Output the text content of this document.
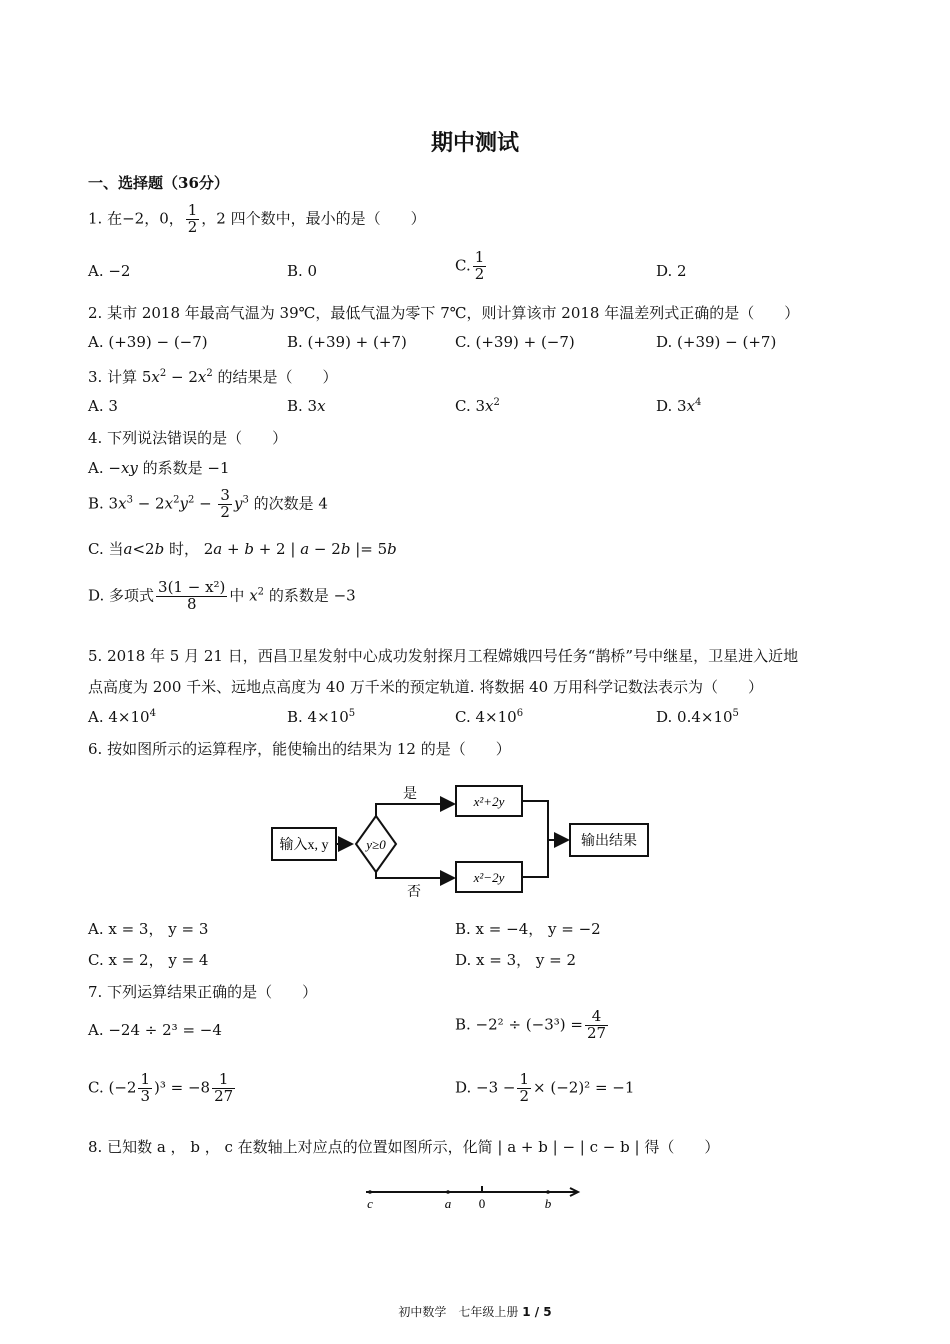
期中测试
一、选择题（36分）
1. 在−2，0， $\frac{1}{2}$ ，2 四个数中，最小的是（　　）
A. −2	B. 0	C. $\frac{1}{2}$	D. 2
2. 某市 2018 年最高气温为 39℃，最低气温为零下 7℃，则计算该市 2018 年温差列式正确的是（　　）
A. (+39) − (−7)	B. (+39) + (+7)	C. (+39) + (−7)	D. (+39) − (+7)
3. 计算 $5x^2 - 2x^2$ 的结果是（　　）
A. 3	B. 3x	C. $3x^2$	D. $3x^4$
4. 下列说法错误的是（　　）
A. −xy 的系数是 −1
B. $3x^3 - 2x^2y^2 - \frac{3}{2} y^3$ 的次数是 4
C. 当a<2b 时， 2a + b + 2 | a − 2b |= 5b
D. 多项式 $\frac{\text{3(1 − x²)}}{8}$ 中 $x^2$ 的系数是 −3
5. 2018 年 5 月 21 日，西昌卫星发射中心成功发射探月工程嫦娥四号任务“鹊桥”号中继星，卫星进入近地
点高度为 200 千米、远地点高度为 40 万千米的预定轨道. 将数据 40 万用科学记数法表示为（　　）
A. $4\times 10^4$	B. $4\times 10^5$	C. $4\times 10^6$	D. $0.4\times 10^5$
6. 按如图所示的运算程序，能使输出的结果为 12 的是（　　）
输入x, y	y≥0
是
否
x²+2y
x²−2y
输出结果
A. x = 3， y = 3	B. x = −4， y = −2
C. x = 2， y = 4	D. x = 3， y = 2
7. 下列运算结果正确的是（　　）
A. −24 ÷ 2³ = −4	B. $-2^2 \div (-3^3) = \frac{4}{27}$
C. $(-2 \frac{1}{3} )^3 = -8 \frac{1}{27}$	D. $-3 - \frac{1}{2} \times (-2)^2 = -1$
8. 已知数 a ， b ， c 在数轴上对应点的位置如图所示，化简 | a + b | − | c − b | 得（　　）
c	a 0	b
初中数学　七年级上册 1 / 5
